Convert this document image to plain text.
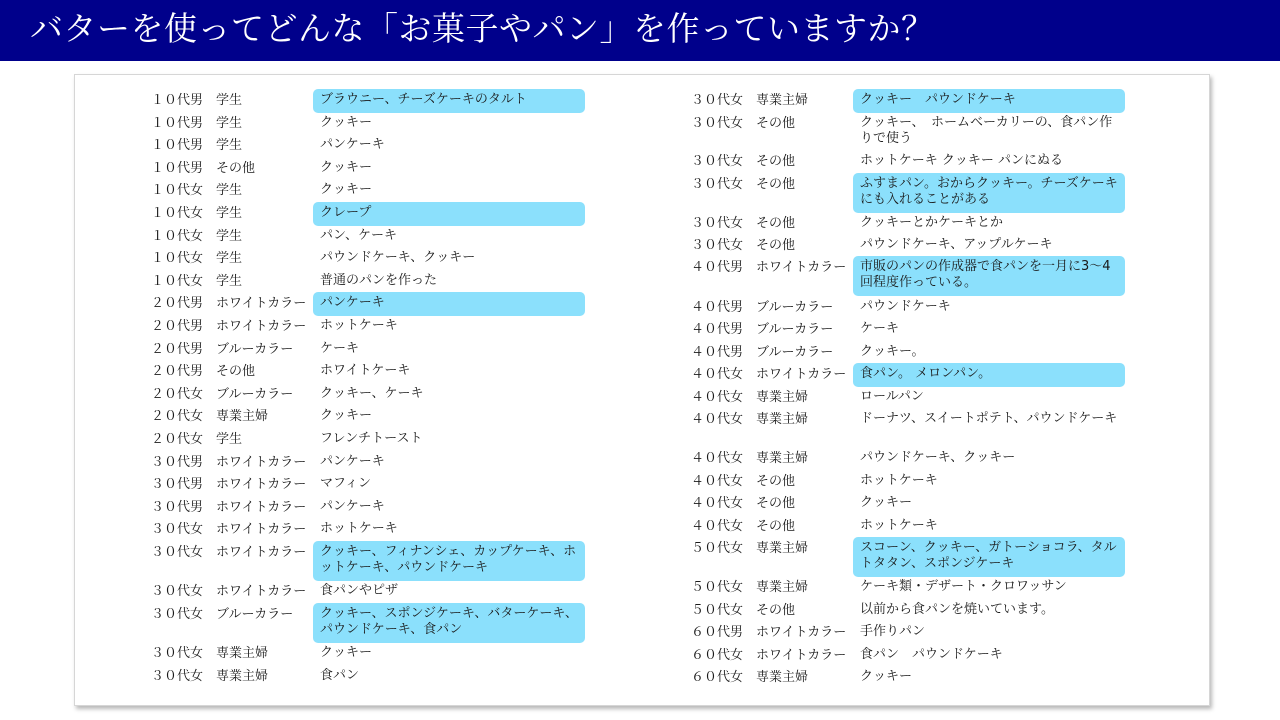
バターを使ってどんな「お菓子やパン」を作っていますか？
１０代男 学生	ブラウニー、チーズケーキのタルト
１０代男 学生	クッキー
１０代男 学生	パンケーキ
１０代男 その他	クッキー
１０代女 学生	クッキー
１０代女 学生	クレープ
１０代女 学生	パン、ケーキ
１０代女 学生	パウンドケーキ、クッキー
１０代女 学生	普通のパンを作った
２０代男 ホワイトカラー	パンケーキ
２０代男 ホワイトカラー	ホットケーキ
２０代男 ブルーカラー	ケーキ
２０代男 その他	ホワイトケーキ
２０代女 ブルーカラー	クッキー、ケーキ
２０代女 専業主婦	クッキー
２０代女 学生	フレンチトースト
３０代男 ホワイトカラー	パンケーキ
３０代男 ホワイトカラー	マフィン
３０代男 ホワイトカラー	パンケーキ
３０代女 ホワイトカラー	ホットケーキ
３０代女 ホワイトカラー	クッキー、フィナンシェ、カップケーキ、ホットケーキ、パウンドケーキ
３０代女 ホワイトカラー	食パンやピザ
３０代女 ブルーカラー	クッキー、スポンジケーキ、バターケーキ、パウンドケーキ、食パン
３０代女 専業主婦	クッキー
３０代女 専業主婦	食パン
３０代女 専業主婦	クッキー　パウンドケーキ
３０代女 その他	クッキー、　ホームベーカリーの、食パン作りで使う
３０代女 その他	ホットケーキ クッキー パンにぬる
３０代女 その他	ふすまパン。おからクッキー。チーズケーキにも入れることがある
３０代女 その他	クッキーとかケーキとか
３０代女 その他	パウンドケーキ、アップルケーキ
４０代男 ホワイトカラー	市販のパンの作成器で食パンを一月に3～4回程度作っている。
４０代男 ブルーカラー	パウンドケーキ
４０代男 ブルーカラー	ケーキ
４０代男 ブルーカラー	クッキー。
４０代女 ホワイトカラー	食パン。 メロンパン。
４０代女 専業主婦	ロールパン
４０代女 専業主婦	ドーナツ、スイートポテト、パウンドケーキ
４０代女 専業主婦	パウンドケーキ、クッキー
４０代女 その他	ホットケーキ
４０代女 その他	クッキー
４０代女 その他	ホットケーキ
５０代女 専業主婦	スコーン、クッキー、ガトーショコラ、タルトタタン、スポンジケーキ
５０代女 専業主婦	ケーキ類・デザート・クロワッサン
５０代女 その他	以前から食パンを焼いています。
６０代男 ホワイトカラー	手作りパン
６０代女 ホワイトカラー	食パン　パウンドケーキ
６０代女 専業主婦	クッキー
